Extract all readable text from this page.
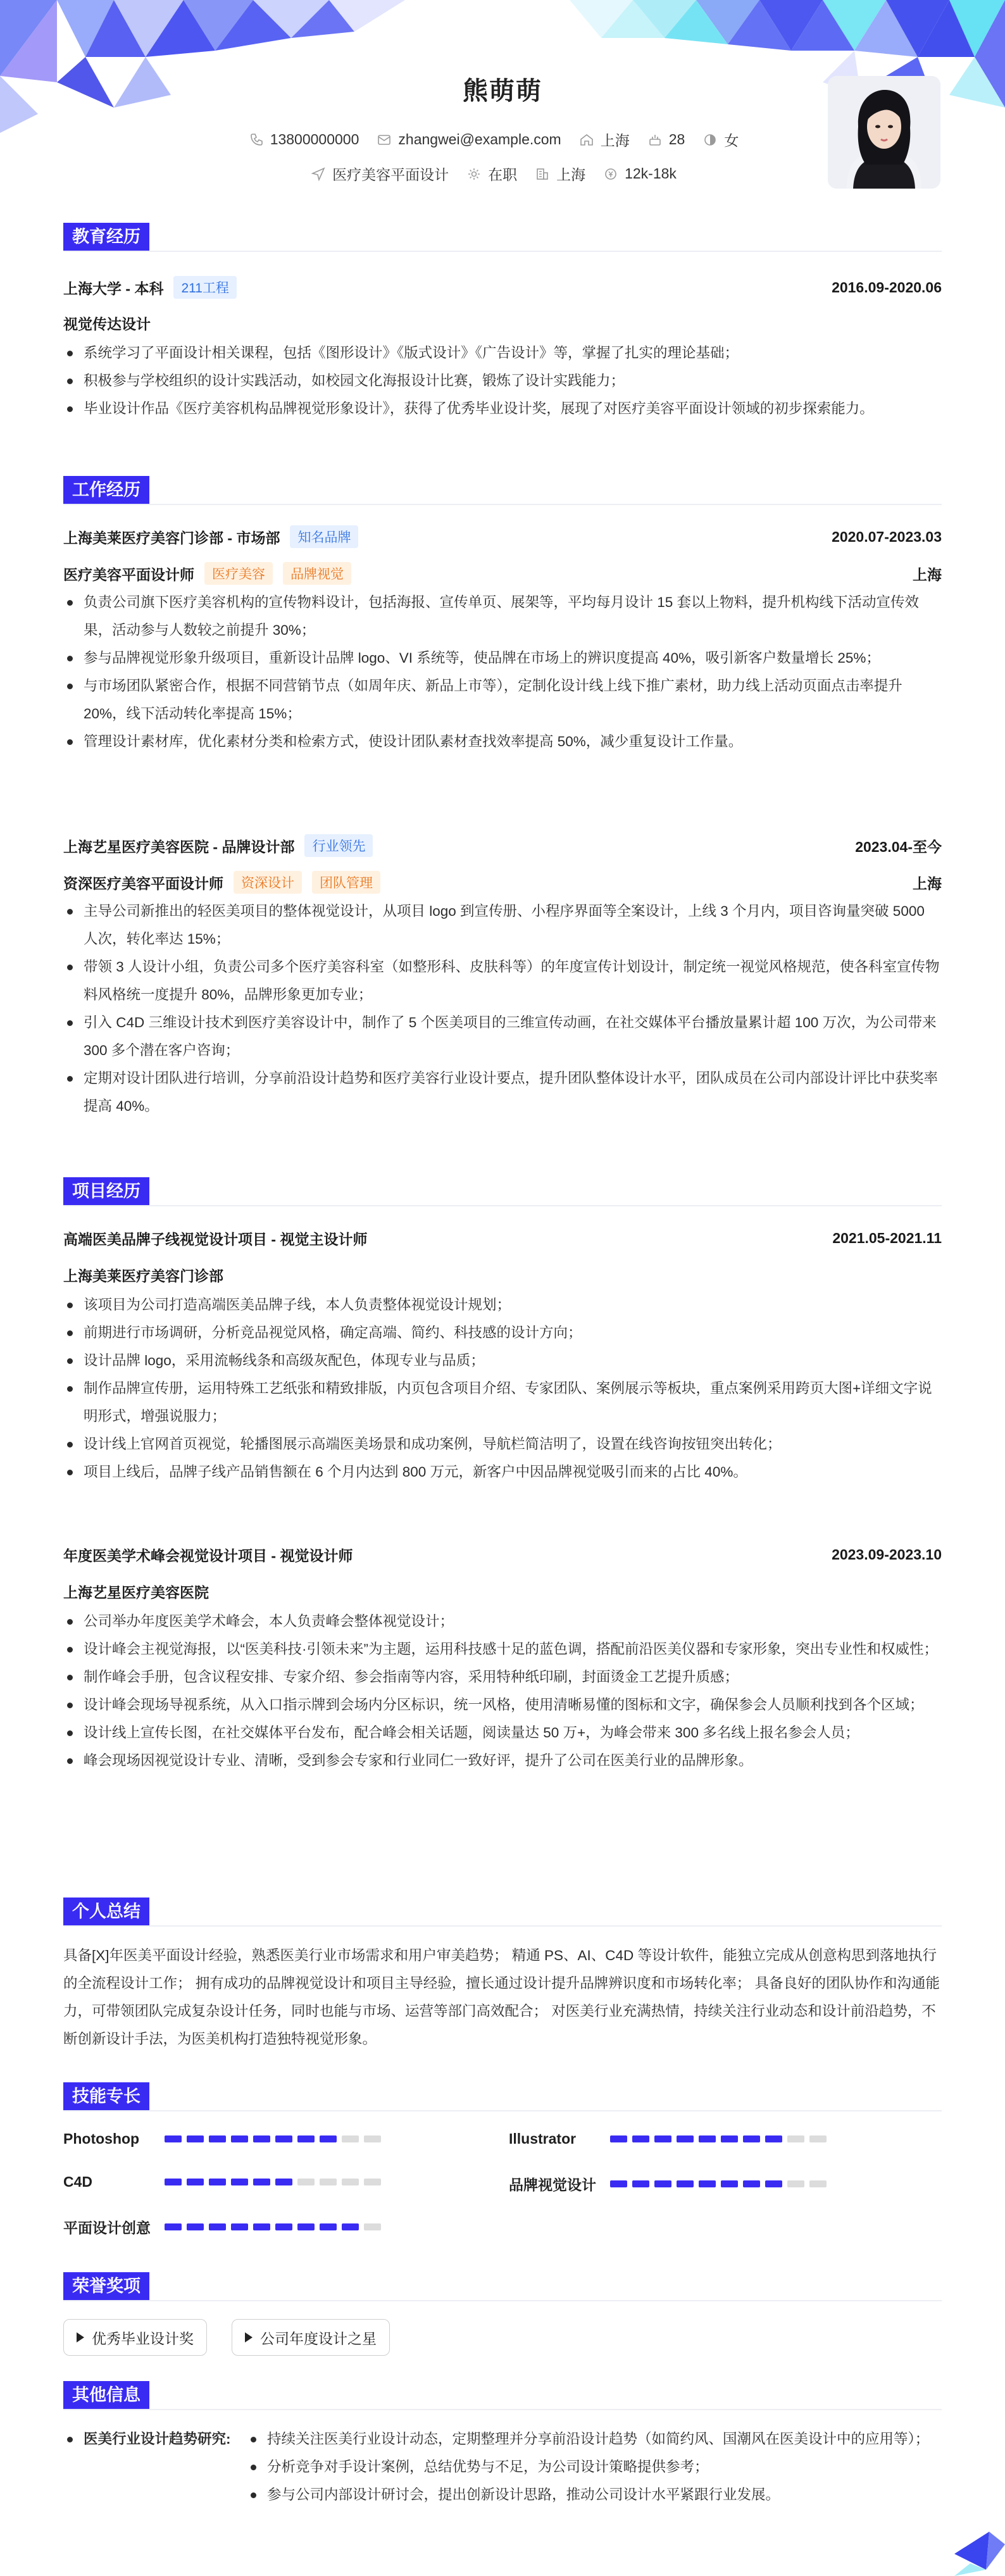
熊萌萌
13800000000	zhangwei@example.com	上海	28	女
医疗美容平面设计	在职	上海	12k-18k
教育经历
上海大学 - 本科	211工程	2016.09-2020.06
视觉传达设计
系统学习了平面设计相关课程，包括《图形设计》《版式设计》《广告设计》等，掌握了扎实的理论基础；
积极参与学校组织的设计实践活动，如校园文化海报设计比赛，锻炼了设计实践能力；
毕业设计作品《医疗美容机构品牌视觉形象设计》，获得了优秀毕业设计奖，展现了对医疗美容平面设计领域的初步探索能力。
工作经历
上海美莱医疗美容门诊部 - 市场部	知名品牌	2020.07-2023.03
医疗美容平面设计师	医疗美容	品牌视觉	上海
负责公司旗下医疗美容机构的宣传物料设计，包括海报、宣传单页、展架等，平均每月设计 15 套以上物料，提升机构线下活动宣传效果，活动参与人数较之前提升 30%；
参与品牌视觉形象升级项目，重新设计品牌 logo、VI 系统等，使品牌在市场上的辨识度提高 40%，吸引新客户数量增长 25%；
与市场团队紧密合作，根据不同营销节点（如周年庆、新品上市等），定制化设计线上线下推广素材，助力线上活动页面点击率提升 20%，线下活动转化率提高 15%；
管理设计素材库，优化素材分类和检索方式，使设计团队素材查找效率提高 50%，减少重复设计工作量。
上海艺星医疗美容医院 - 品牌设计部	行业领先	2023.04-至今
资深医疗美容平面设计师	资深设计	团队管理	上海
主导公司新推出的轻医美项目的整体视觉设计，从项目 logo 到宣传册、小程序界面等全案设计，上线 3 个月内，项目咨询量突破 5000 人次，转化率达 15%；
带领 3 人设计小组，负责公司多个医疗美容科室（如整形科、皮肤科等）的年度宣传计划设计，制定统一视觉风格规范，使各科室宣传物料风格统一度提升 80%，品牌形象更加专业；
引入 C4D 三维设计技术到医疗美容设计中，制作了 5 个医美项目的三维宣传动画，在社交媒体平台播放量累计超 100 万次，为公司带来 300 多个潜在客户咨询；
定期对设计团队进行培训，分享前沿设计趋势和医疗美容行业设计要点，提升团队整体设计水平，团队成员在公司内部设计评比中获奖率提高 40%。
项目经历
高端医美品牌子线视觉设计项目 - 视觉主设计师	2021.05-2021.11
上海美莱医疗美容门诊部
该项目为公司打造高端医美品牌子线，本人负责整体视觉设计规划；
前期进行市场调研，分析竞品视觉风格，确定高端、简约、科技感的设计方向；
设计品牌 logo，采用流畅线条和高级灰配色，体现专业与品质；
制作品牌宣传册，运用特殊工艺纸张和精致排版，内页包含项目介绍、专家团队、案例展示等板块，重点案例采用跨页大图+详细文字说明形式，增强说服力；
设计线上官网首页视觉，轮播图展示高端医美场景和成功案例，导航栏简洁明了，设置在线咨询按钮突出转化；
项目上线后，品牌子线产品销售额在 6 个月内达到 800 万元，新客户中因品牌视觉吸引而来的占比 40%。
年度医美学术峰会视觉设计项目 - 视觉设计师	2023.09-2023.10
上海艺星医疗美容医院
公司举办年度医美学术峰会，本人负责峰会整体视觉设计；
设计峰会主视觉海报，以“医美科技·引领未来”为主题，运用科技感十足的蓝色调，搭配前沿医美仪器和专家形象，突出专业性和权威性；
制作峰会手册，包含议程安排、专家介绍、参会指南等内容，采用特种纸印刷，封面烫金工艺提升质感；
设计峰会现场导视系统，从入口指示牌到会场内分区标识，统一风格，使用清晰易懂的图标和文字，确保参会人员顺利找到各个区域；
设计线上宣传长图，在社交媒体平台发布，配合峰会相关话题，阅读量达 50 万+，为峰会带来 300 多名线上报名参会人员；
峰会现场因视觉设计专业、清晰，受到参会专家和行业同仁一致好评，提升了公司在医美行业的品牌形象。
个人总结
具备[X]年医美平面设计经验，熟悉医美行业市场需求和用户审美趋势； 精通 PS、AI、C4D 等设计软件，能独立完成从创意构思到落地执行的全流程设计工作； 拥有成功的品牌视觉设计和项目主导经验，擅长通过设计提升品牌辨识度和市场转化率； 具备良好的团队协作和沟通能力，可带领团队完成复杂设计任务，同时也能与市场、运营等部门高效配合； 对医美行业充满热情，持续关注行业动态和设计前沿趋势，不断创新设计手法，为医美机构打造独特视觉形象。
技能专长
Photoshop	Illustrator
C4D	品牌视觉设计
平面设计创意
荣誉奖项
优秀毕业设计奖	公司年度设计之星
其他信息
医美行业设计趋势研究:	持续关注医美行业设计动态，定期整理并分享前沿设计趋势（如简约风、国潮风在医美设计中的应用等）；
分析竞争对手设计案例，总结优势与不足，为公司设计策略提供参考；
参与公司内部设计研讨会，提出创新设计思路，推动公司设计水平紧跟行业发展。
